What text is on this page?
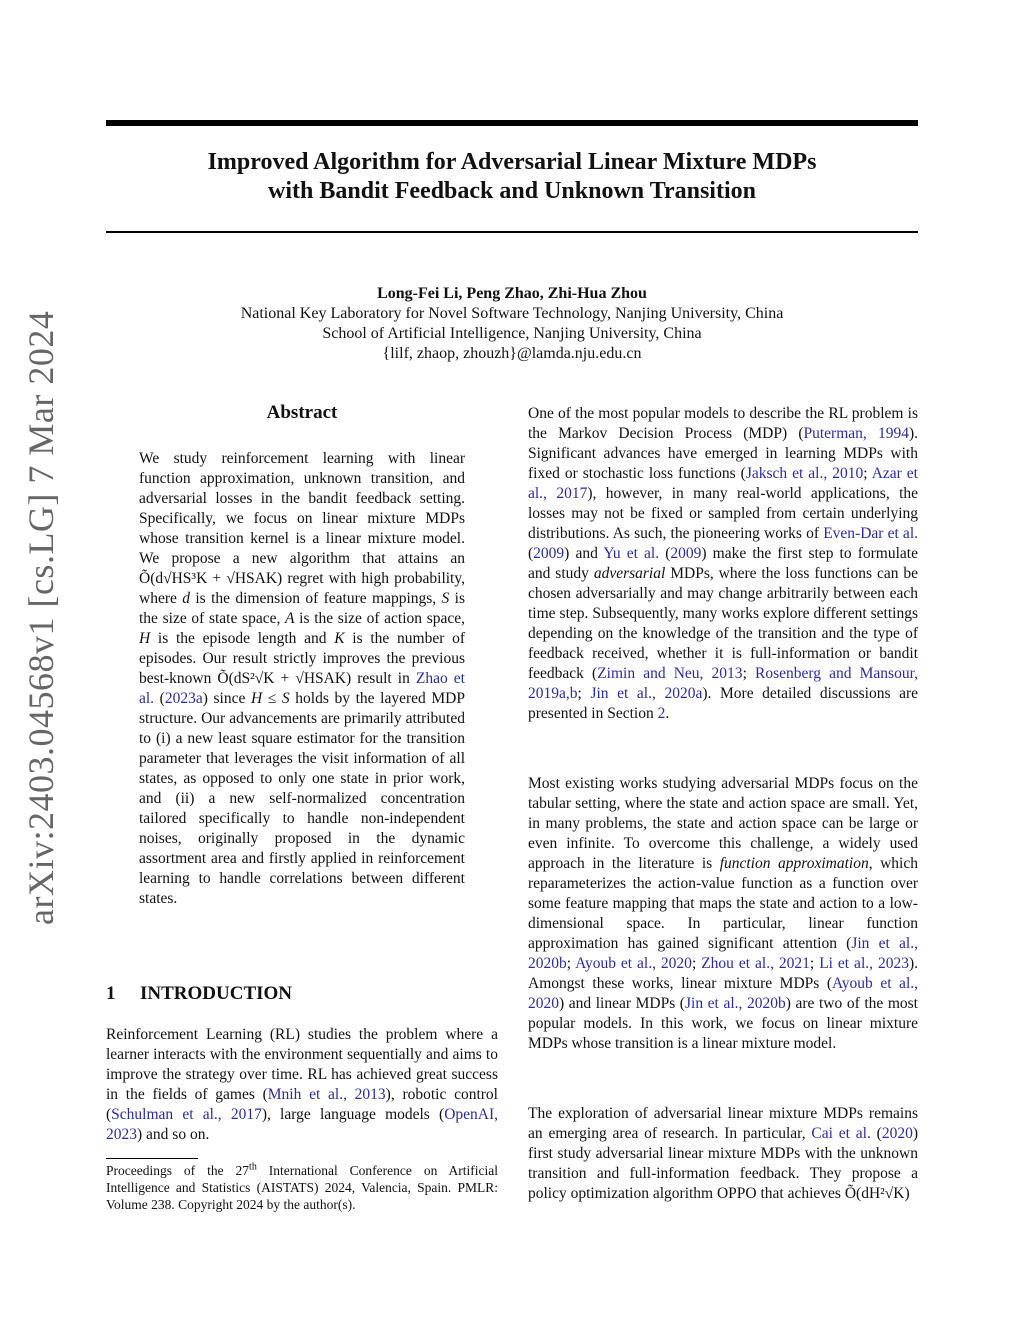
arXiv:2403.04568v1 [cs.LG] 7 Mar 2024
Improved Algorithm for Adversarial Linear Mixture MDPs
with Bandit Feedback and Unknown Transition
Long-Fei Li, Peng Zhao, Zhi-Hua Zhou
National Key Laboratory for Novel Software Technology, Nanjing University, China
School of Artificial Intelligence, Nanjing University, China
{lilf, zhaop, zhouzh}@lamda.nju.edu.cn
Abstract

We study reinforcement learning with linear function approximation, unknown transition, and adversarial losses in the bandit feedback setting. Specifically, we focus on linear mixture MDPs whose transition kernel is a linear mixture model. We propose a new algorithm that attains an Õ(d√HS³K + √HSAK) regret with high probability, where d is the dimension of feature mappings, S is the size of state space, A is the size of action space, H is the episode length and K is the number of episodes. Our result strictly improves the previous best-known Õ(dS²√K + √HSAK) result in Zhao et al. (2023a) since H ≤ S holds by the layered MDP structure. Our advancements are primarily attributed to (i) a new least square estimator for the transition parameter that leverages the visit information of all states, as opposed to only one state in prior work, and (ii) a new self-normalized concentration tailored specifically to handle non-independent noises, originally proposed in the dynamic assortment area and firstly applied in reinforcement learning to handle correlations between different states.

1 INTRODUCTION

Reinforcement Learning (RL) studies the problem where a learner interacts with the environment sequentially and aims to improve the strategy over time. RL has achieved great success in the fields of games (Mnih et al., 2013), robotic control (Schulman et al., 2017), large language models (OpenAI, 2023) and so on.

Proceedings of the 27th International Conference on Artificial Intelligence and Statistics (AISTATS) 2024, Valencia, Spain. PMLR: Volume 238. Copyright 2024 by the author(s).

One of the most popular models to describe the RL problem is the Markov Decision Process (MDP) (Puterman, 1994). Significant advances have emerged in learning MDPs with fixed or stochastic loss functions (Jaksch et al., 2010; Azar et al., 2017), however, in many real-world applications, the losses may not be fixed or sampled from certain underlying distributions. As such, the pioneering works of Even-Dar et al. (2009) and Yu et al. (2009) make the first step to formulate and study adversarial MDPs, where the loss functions can be chosen adversarially and may change arbitrarily between each time step. Subsequently, many works explore different settings depending on the knowledge of the transition and the type of feedback received, whether it is full-information or bandit feedback (Zimin and Neu, 2013; Rosenberg and Mansour, 2019a,b; Jin et al., 2020a). More detailed discussions are presented in Section 2.

Most existing works studying adversarial MDPs focus on the tabular setting, where the state and action space are small. Yet, in many problems, the state and action space can be large or even infinite. To overcome this challenge, a widely used approach in the literature is function approximation, which reparameterizes the action-value function as a function over some feature mapping that maps the state and action to a low-dimensional space. In particular, linear function approximation has gained significant attention (Jin et al., 2020b; Ayoub et al., 2020; Zhou et al., 2021; Li et al., 2023). Amongst these works, linear mixture MDPs (Ayoub et al., 2020) and linear MDPs (Jin et al., 2020b) are two of the most popular models. In this work, we focus on linear mixture MDPs whose transition is a linear mixture model.

The exploration of adversarial linear mixture MDPs remains an emerging area of research. In particular, Cai et al. (2020) first study adversarial linear mixture MDPs with the unknown transition and full-information feedback. They propose a policy optimization algorithm OPPO that achieves Õ(dH²√K)
